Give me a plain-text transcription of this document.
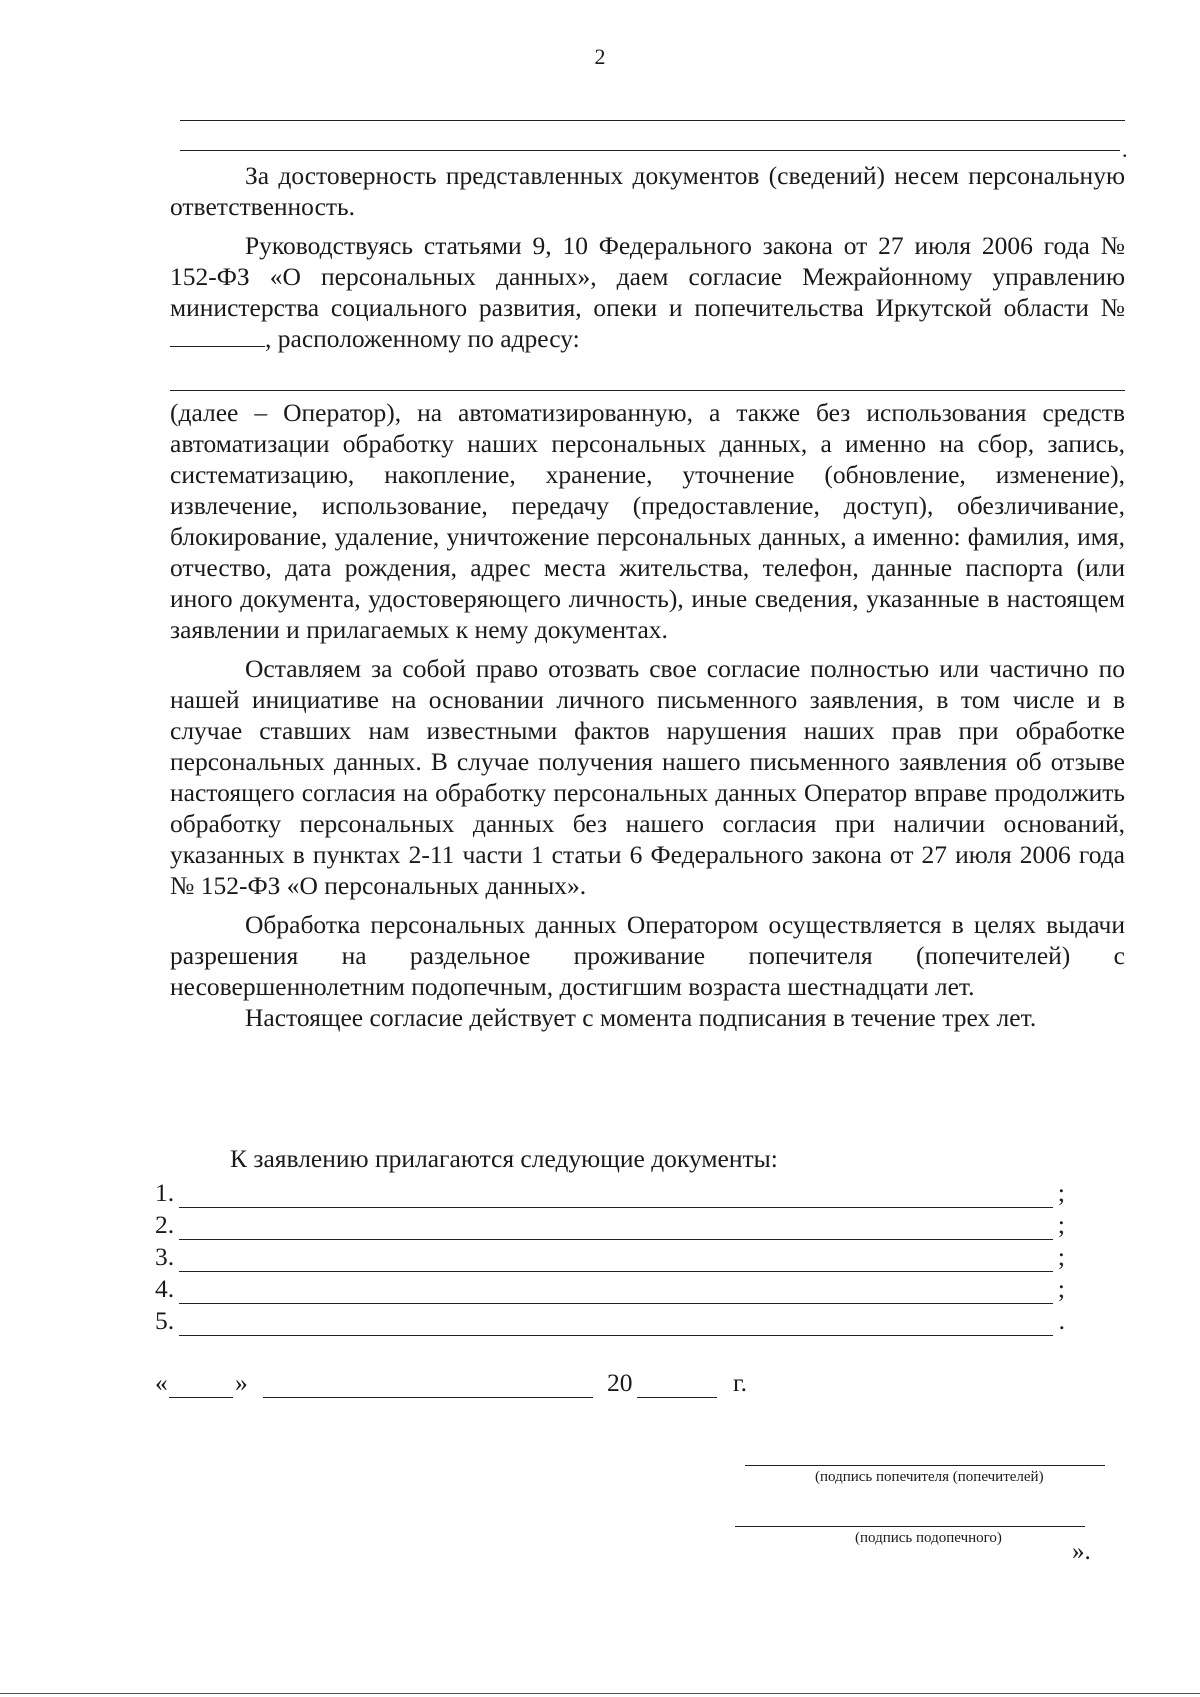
2
.

За достоверность представленных документов (сведений) несем персональную ответственность.

Руководствуясь статьями 9, 10 Федерального закона от 27 июля 2006 года № 152-ФЗ «О персональных данных», даем согласие Межрайонному управлению министерства социального развития, опеки и попечительства Иркутской области № , расположенному по адресу:

(далее – Оператор), на автоматизированную, а также без использования средств автоматизации обработку наших персональных данных, а именно на сбор, запись, систематизацию, накопление, хранение, уточнение (обновление, изменение), извлечение, использование, передачу (предоставление, доступ), обезличивание, блокирование, удаление, уничтожение персональных данных, а именно: фамилия, имя, отчество, дата рождения, адрес места жительства, телефон, данные паспорта (или иного документа, удостоверяющего личность), иные сведения, указанные в настоящем заявлении и прилагаемых к нему документах.

Оставляем за собой право отозвать свое согласие полностью или частично по нашей инициативе на основании личного письменного заявления, в том числе и в случае ставших нам известными фактов нарушения наших прав при обработке персональных данных. В случае получения нашего письменного заявления об отзыве настоящего согласия на обработку персональных данных Оператор вправе продолжить обработку персональных данных без нашего согласия при наличии оснований, указанных в пунктах 2-11 части 1 статьи 6 Федерального закона от 27 июля 2006 года № 152-ФЗ «О персональных данных».

Обработка персональных данных Оператором осуществляется в целях выдачи разрешения на раздельное проживание попечителя (попечителей) с несовершеннолетним подопечным, достигшим возраста шестнадцати лет.

Настоящее согласие действует с момента подписания в течение трех лет.

К заявлению прилагаются следующие документы:
1.	;
2.	;
3.	;
4.	;
5.	.
«	»	20	г.
(подпись попечителя (попечителей)
(подпись подопечного)	».
